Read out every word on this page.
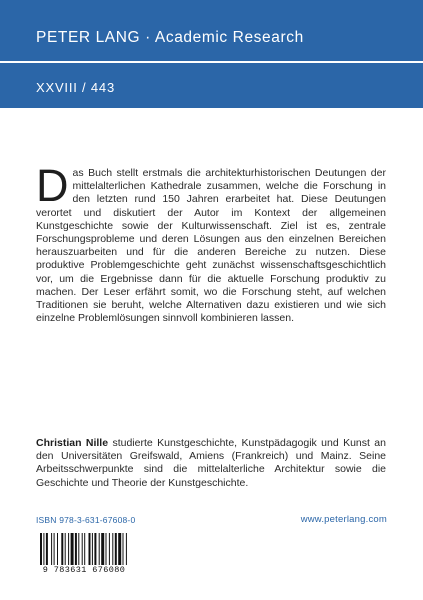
PETER LANG · Academic Research
XXVIII / 443
Das Buch stellt erstmals die architekturhistorischen Deutungen der mittelalterlichen Kathedrale zusammen, welche die Forschung in den letzten rund 150 Jahren erarbeitet hat. Diese Deutungen verortet und diskutiert der Autor im Kontext der allgemeinen Kunstgeschichte sowie der Kulturwissenschaft. Ziel ist es, zentrale Forschungsprobleme und deren Lösungen aus den einzelnen Bereichen herauszuarbeiten und für die anderen Bereiche zu nutzen. Diese produktive Problemgeschichte geht zunächst wissenschaftsgeschichtlich vor, um die Ergebnisse dann für die aktuelle Forschung produktiv zu machen. Der Leser erfährt somit, wo die Forschung steht, auf welchen Traditionen sie beruht, welche Alternativen dazu existieren und wie sich einzelne Problemlösungen sinnvoll kombinieren lassen.
Christian Nille studierte Kunstgeschichte, Kunstpädagogik und Kunst an den Universitäten Greifswald, Amiens (Frankreich) und Mainz. Seine Arbeitsschwerpunkte sind die mittelalterliche Architektur sowie die Geschichte und Theorie der Kunstgeschichte.
ISBN 978-3-631-67608-0	www.peterlang.com
9 783631 676080
